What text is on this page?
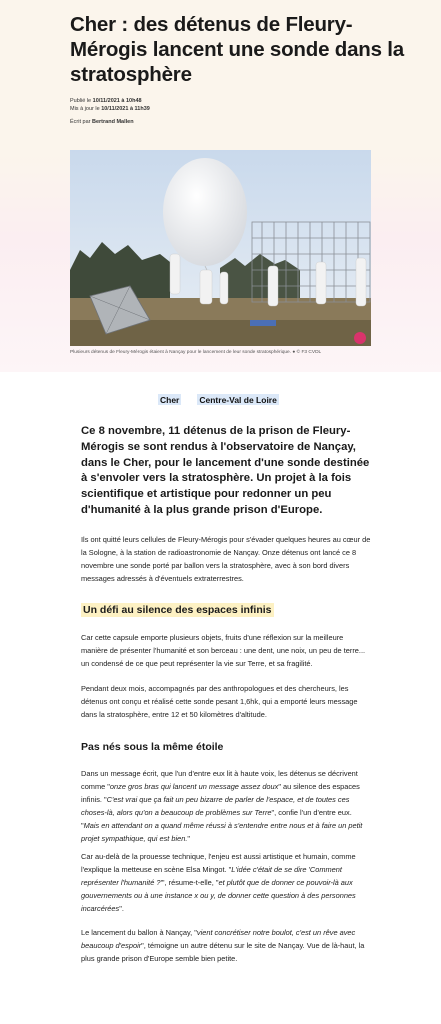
Cher : des détenus de Fleury-Mérogis lancent une sonde dans la stratosphère
Publié le 10/11/2021 à 10h48
Mis à jour le 10/11/2021 à 11h39
Écrit par Bertrand Mallen
Plusieurs détenus de Fleury-Mérogis étaient à Nançay pour le lancement de leur sonde stratosphérique. ● © F3 CVDL
Cher Centre-Val de Loire

Ce 8 novembre, 11 détenus de la prison de Fleury-Mérogis se sont rendus à l'observatoire de Nançay, dans le Cher, pour le lancement d'une sonde destinée à s'envoler vers la stratosphère. Un projet à la fois scientifique et artistique pour redonner un peu d'humanité à la plus grande prison d'Europe.

Ils ont quitté leurs cellules de Fleury-Mérogis pour s'évader quelques heures au cœur de la Sologne, à la station de radioastronomie de Nançay. Onze détenus ont lancé ce 8 novembre une sonde porté par ballon vers la stratosphère, avec à son bord divers messages adressés à d'éventuels extraterrestres.

Un défi au silence des espaces infinis

Car cette capsule emporte plusieurs objets, fruits d'une réflexion sur la meilleure manière de présenter l'humanité et son berceau : une dent, une noix, un peu de terre... un condensé de ce que peut représenter la vie sur Terre, et sa fragilité.

Pendant deux mois, accompagnés par des anthropologues et des chercheurs, les détenus ont conçu et réalisé cette sonde pesant 1,6hk, qui a emporté leurs message dans la stratosphère, entre 12 et 50 kilomètres d'altitude.

Pas nés sous la même étoile

Dans un message écrit, que l'un d'entre eux lit à haute voix, les détenus se décrivent comme "onze gros bras qui lancent un message assez doux" au silence des espaces infinis. "C'est vrai que ça fait un peu bizarre de parler de l'espace, et de toutes ces choses-là, alors qu'on a beaucoup de problèmes sur Terre", confie l'un d'entre eux. "Mais en attendant on a quand même réussi à s'entendre entre nous et à faire un petit projet sympathique, qui est bien."

Car au-delà de la prouesse technique, l'enjeu est aussi artistique et humain, comme l'explique la metteuse en scène Elsa Mingot. "L'idée c'était de se dire 'Comment représenter l'humanité ?'", résume-t-elle, "et plutôt que de donner ce pouvoir-là aux gouvernements ou à une instance x ou y, de donner cette question à des personnes incarcérées".

Le lancement du ballon à Nançay, "vient concrétiser notre boulot, c'est un rêve avec beaucoup d'espoir", témoigne un autre détenu sur le site de Nançay. Vue de là-haut, la plus grande prison d'Europe semble bien petite.
